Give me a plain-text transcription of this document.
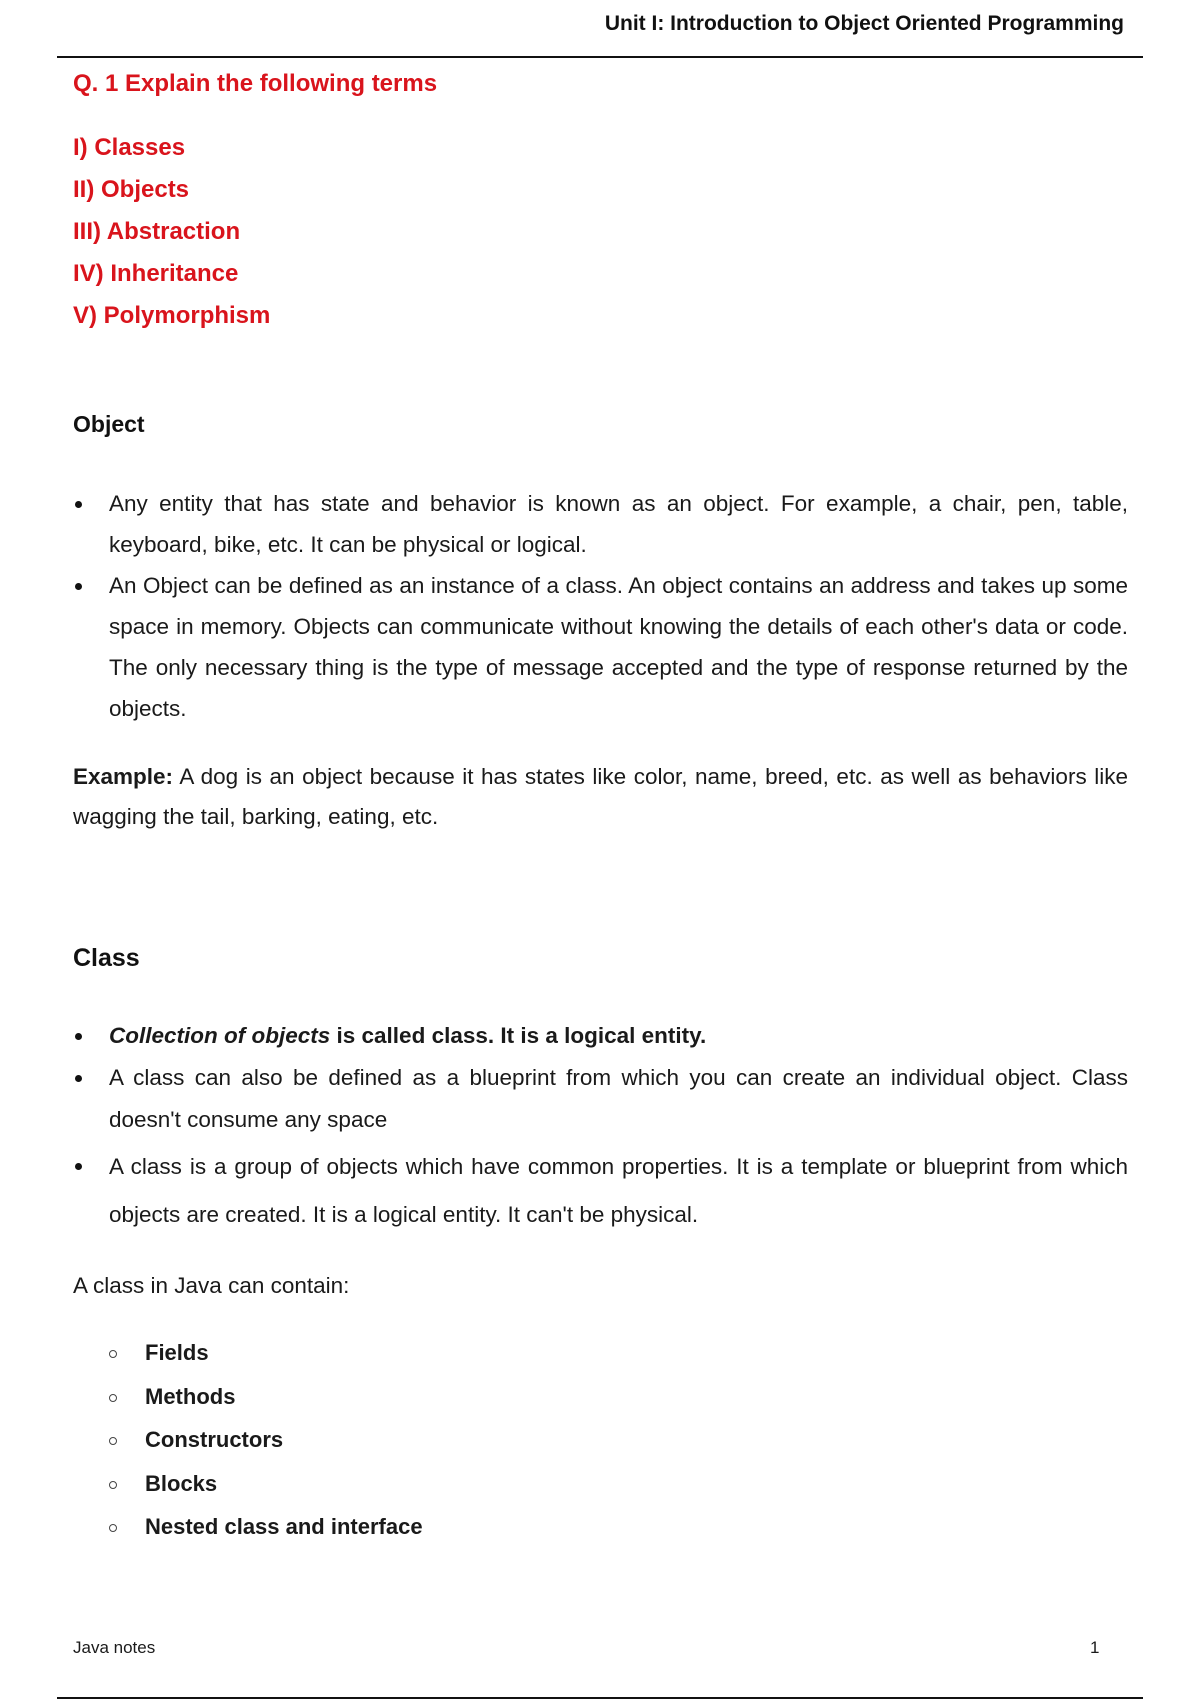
Unit I: Introduction to Object Oriented Programming
Q. 1 Explain the following terms
I) Classes
II) Objects
III) Abstraction
IV) Inheritance
V) Polymorphism
Object
Any entity that has state and behavior is known as an object. For example, a chair, pen, table, keyboard, bike, etc. It can be physical or logical.
An Object can be defined as an instance of a class. An object contains an address and takes up some space in memory. Objects can communicate without knowing the details of each other's data or code. The only necessary thing is the type of message accepted and the type of response returned by the objects.
Example: A dog is an object because it has states like color, name, breed, etc. as well as behaviors like wagging the tail, barking, eating, etc.
Class
Collection of objects is called class. It is a logical entity.
A class can also be defined as a blueprint from which you can create an individual object. Class doesn't consume any space
A class is a group of objects which have common properties. It is a template or blueprint from which objects are created. It is a logical entity. It can't be physical.
A class in Java can contain:
Fields
Methods
Constructors
Blocks
Nested class and interface
Java notes	1
